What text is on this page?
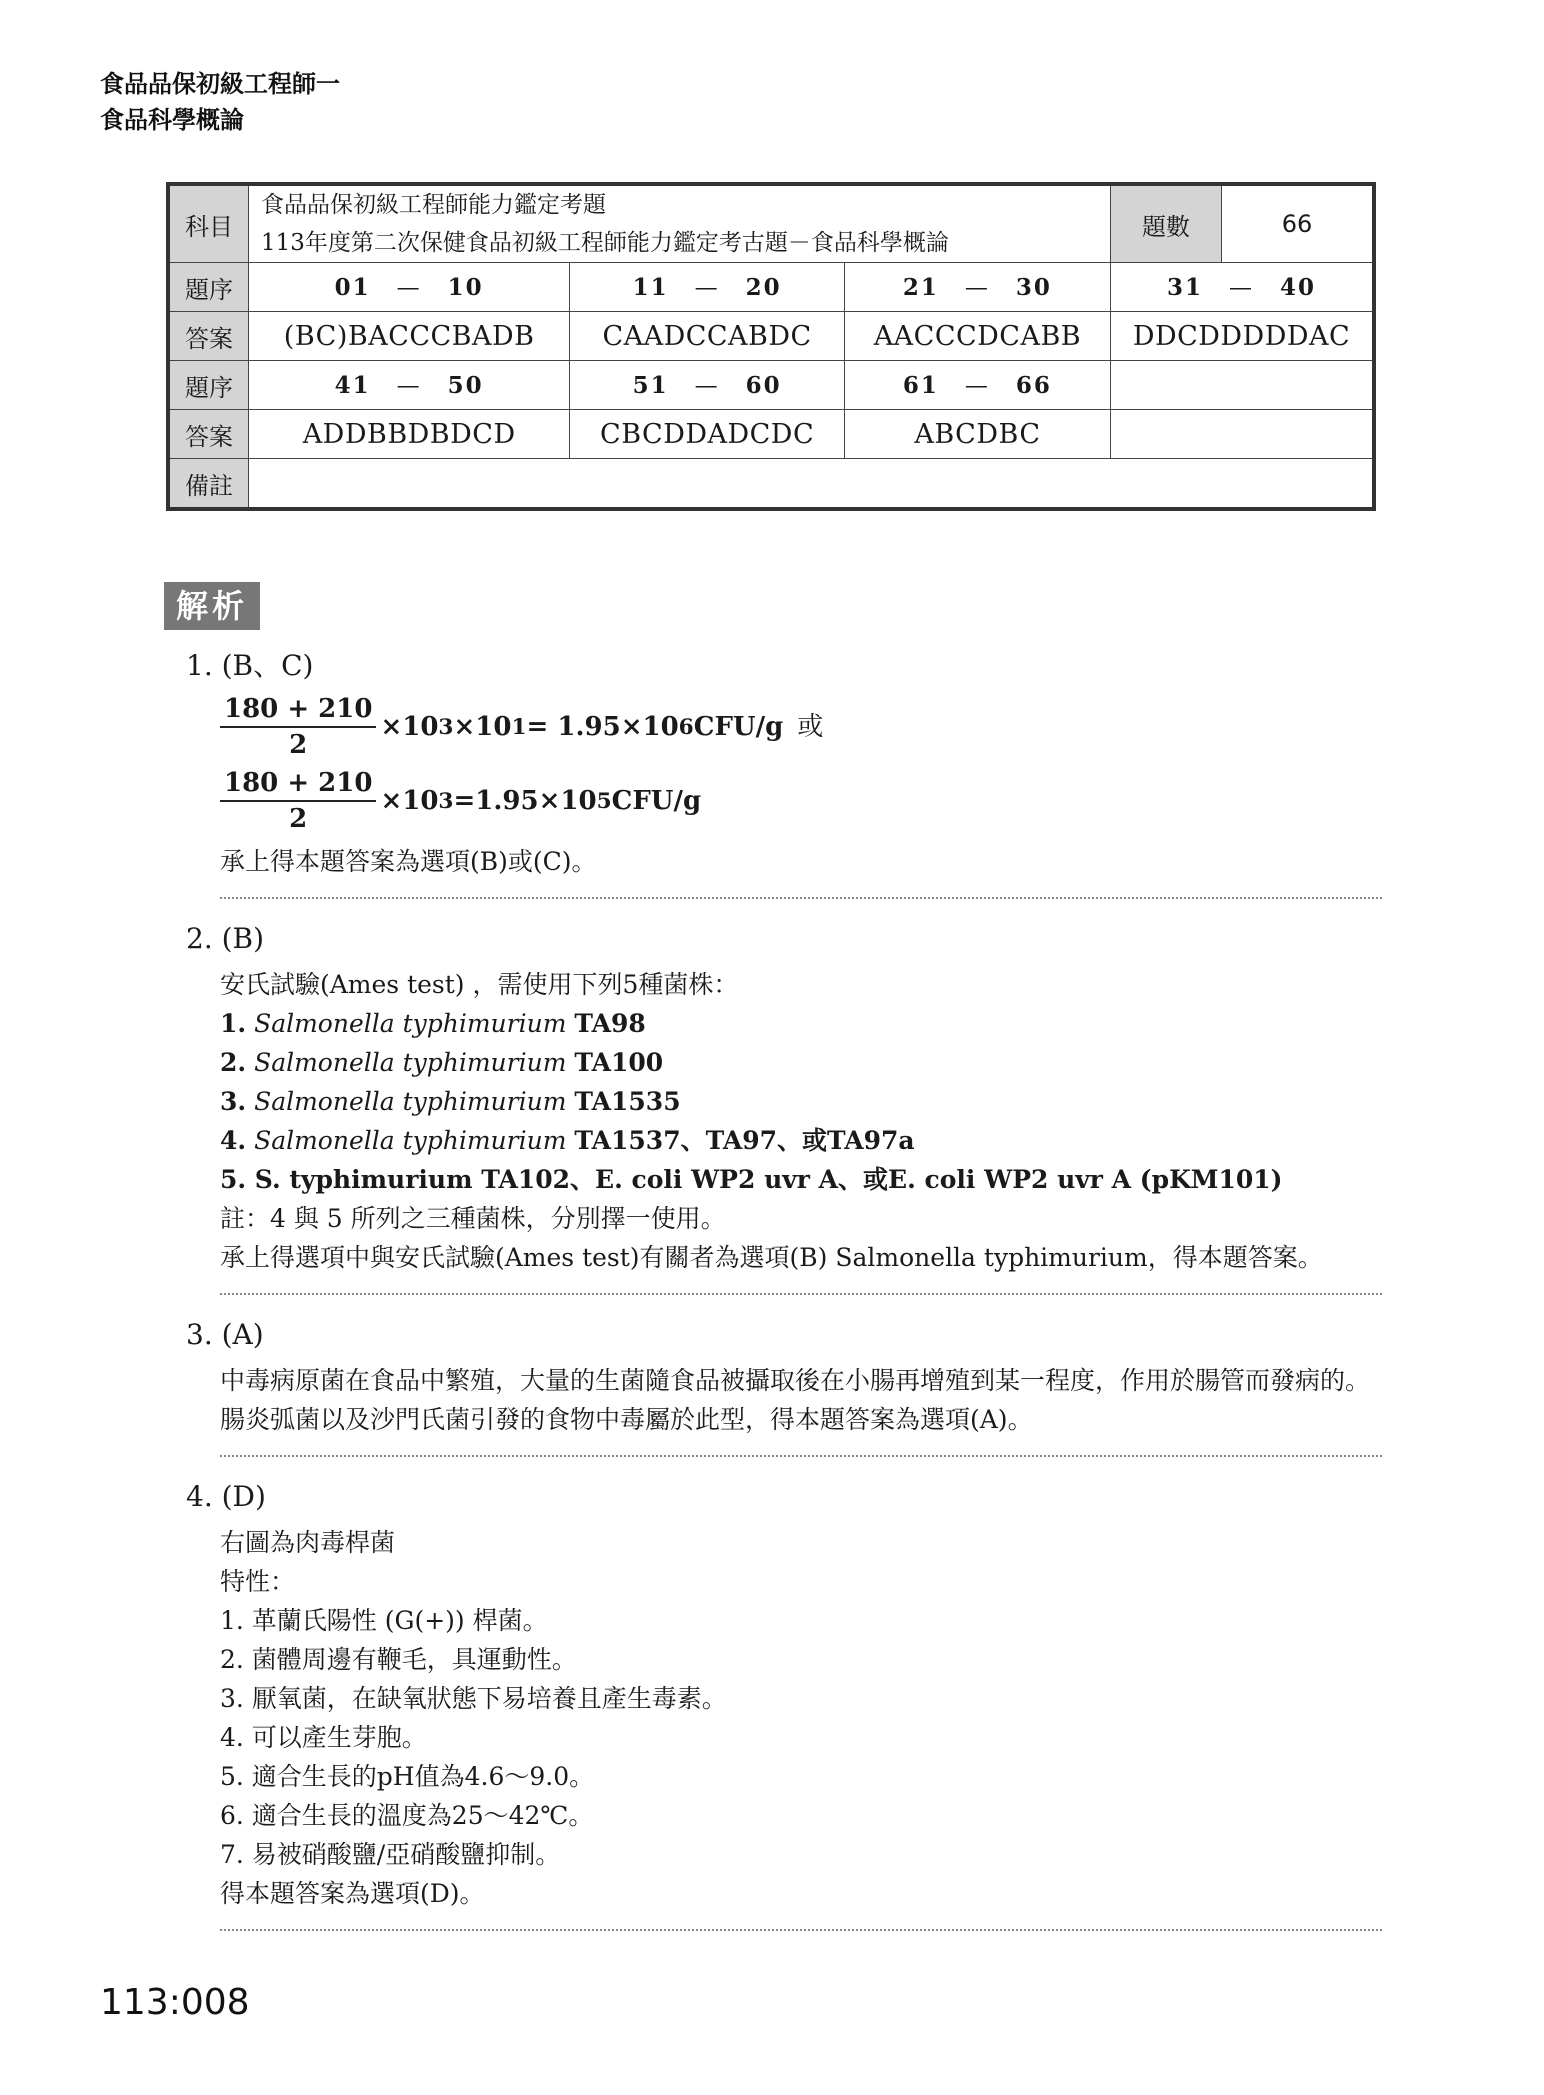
食品品保初級工程師一
食品科學概論
科目	食品品保初級工程師能力鑑定考題
113年度第二次保健食品初級工程師能力鑑定考古題－食品科學概論			題數	66
題序	01 — 10	11 — 20	21 — 30	31 — 40	
答案	(BC)BACCCBADB	CAADCCABDC	AACCCDCABB	DDCDDDDDAC	
題序	41 — 50	51 — 60	61 — 66		
答案	ADDBBDBDCD	CBCDDADCDC	ABCDBC		
備註					
解析
1. (B、C)
$\frac{180 + 210}{2} \times 10$ 3 ×10 1 = 1.95×10 6 CFU/g 或
$\frac{180 + 210}{2} \times 10$ 3 =1.95×10 5 CFU/g
承上得本題答案為選項(B)或(C)。
2. (B)
安氏試驗(Ames test) ，需使用下列5種菌株：
1. Salmonella typhimurium TA98
2. Salmonella typhimurium TA100
3. Salmonella typhimurium TA1535
4. Salmonella typhimurium TA1537、TA97、或TA97a
5. S. typhimurium TA102、E. coli WP2 uvr A、或E. coli WP2 uvr A (pKM101)
註：4 與 5 所列之三種菌株，分別擇一使用。
承上得選項中與安氏試驗(Ames test)有關者為選項(B) Salmonella typhimurium，得本題答案。
3. (A)
中毒病原菌在食品中繁殖，大量的生菌隨食品被攝取後在小腸再增殖到某一程度，作用於腸管而發病的。腸炎弧菌以及沙門氏菌引發的食物中毒屬於此型，得本題答案為選項(A)。
4. (D)
右圖為肉毒桿菌
特性：
1. 革蘭氏陽性 (G(+)) 桿菌。
2. 菌體周邊有鞭毛，具運動性。
3. 厭氧菌，在缺氧狀態下易培養且產生毒素。
4. 可以產生芽胞。
5. 適合生長的pH值為4.6～9.0。
6. 適合生長的溫度為25～42℃。
7. 易被硝酸鹽/亞硝酸鹽抑制。
得本題答案為選項(D)。
113:008
